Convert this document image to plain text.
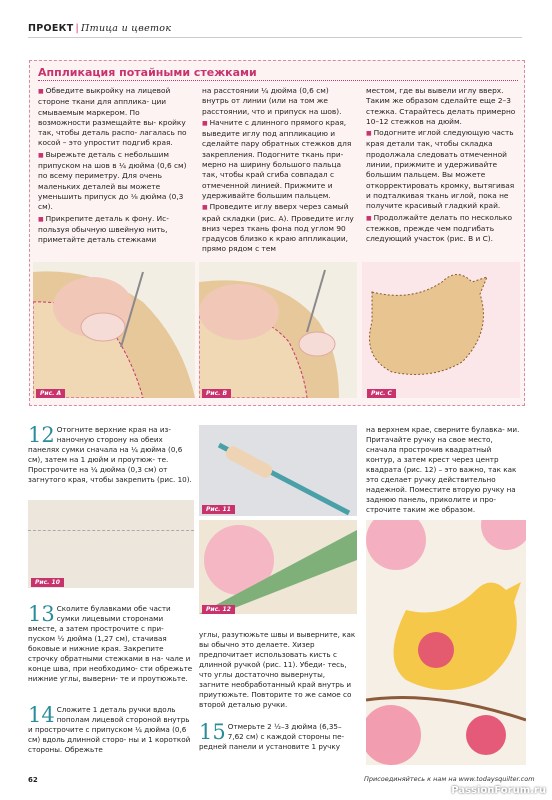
ПРОЕКТ | Птица и цветок
Аппликация потайными стежками

■ Обведите выкройку на лицевой стороне ткани для апплика- ции смываемым маркером. По возможности размещайте вы- кройку так, чтобы деталь распо- лагалась по косой – это упростит подгиб края.

■ Вырежьте деталь с небольшим припуском на шов в ¼ дюйма (0,6 см) по всему периметру. Для очень маленьких деталей вы можете уменьшить припуск до ⅛ дюйма (0,3 см).

■ Прикрепите деталь к фону. Ис- пользуя обычную швейную нить, приметайте деталь стежками

на расстоянии ¼ дюйма (0,6 см) внутрь от линии (или на том же расстоянии, что и припуск на шов).

■ Начните с длинного прямого края, выведите иглу под аппликацию и сделайте пару обратных стежков для закрепления. Подогните ткань при- мерно на ширину большого пальца так, чтобы край сгиба совпадал с отмеченной линией. Прижмите и удерживайте большим пальцем.

■ Проведите иглу вверх через самый край складки (рис. А). Проведите иглу вниз через ткань фона под углом 90 градусов близко к краю аппликации, прямо рядом с тем

местом, где вы вывели иглу вверх. Таким же образом сделайте еще 2–3 стежка. Старайтесь делать примерно 10–12 стежков на дюйм.

■ Подогните иглой следующую часть края детали так, чтобы складка продолжала следовать отмеченной линии, прижмите и удерживайте большим пальцем. Вы можете откорректировать кромку, вытягивая и подталкивая ткань иглой, пока не получите красивый гладкий край.

■ Продолжайте делать по несколько стежков, прежде чем подгибать следующий участок (рис. В и С).

Рис. А	Рис. В	Рис. С
12 Отогните верхние края на из- наночную сторону на обеих панелях сумки сначала на ¼ дюйма (0,6 см), затем на 1 дюйм и проутюж- те. Прострочите на ¼ дюйма (0,3 см) от загнутого края, чтобы закрепить (рис. 10).
Рис. 10
13 Сколите булавками обе части сумки лицевыми сторонами вместе, а затем прострочите с при- пуском ½ дюйма (1,27 см), стачивая боковые и нижние края. Закрепите строчку обратными стежками в на- чале и конце шва, при необходимо- сти обрежьте нижние углы, выверни- те и проутюжьте.
14 Сложите 1 деталь ручки вдоль пополам лицевой стороной внутрь и прострочите с припуском ¼ дюйма (0,6 см) вдоль длинной сторо- ны и 1 короткой стороны. Обрежьте
Рис. 11
Рис. 12
углы, разутюжьте швы и выверните, как вы обычно это делаете. Хизер предпочитает использовать кисть с длинной ручкой (рис. 11). Убеди- тесь, что углы достаточно вывернуты, загните необработанный край внутрь и приутюжьте. Повторите то же самое со второй деталью ручки.
15 Отмерьте 2 ½–3 дюйма (6,35– 7,62 см) с каждой стороны пе- редней панели и установите 1 ручку
на верхнем крае, сверните булавка- ми. Притачайте ручку на свое место, сначала прострочив квадратный контур, а затем крест через центр квадрата (рис. 12) – это важно, так как это сделает ручку действительно надежной. Поместите вторую ручку на заднюю панель, приколите и про- строчите таким же образом.
62	Присоединяйтесь к нам на www.todaysquilter.com
PassionForum.ru
